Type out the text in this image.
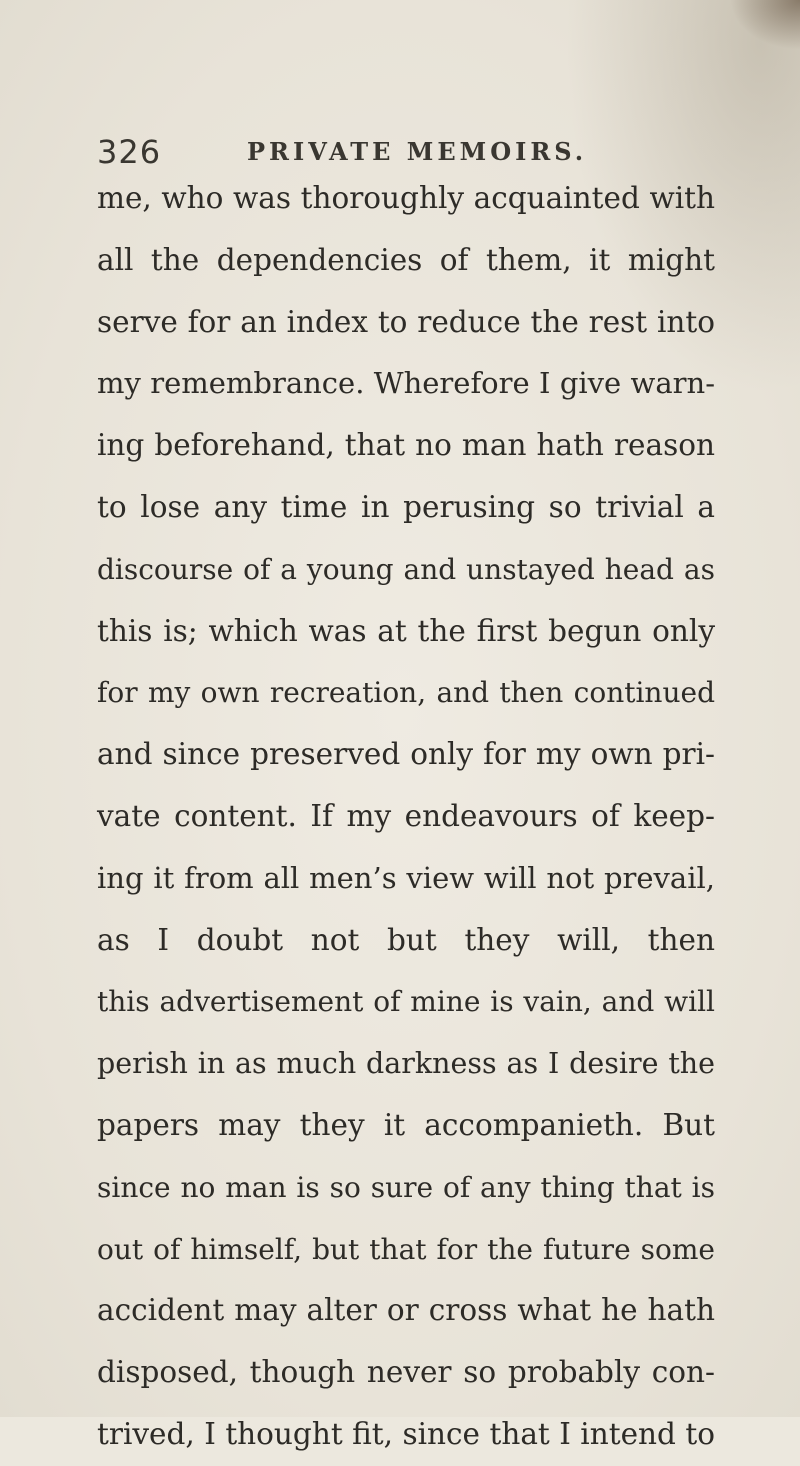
326	PRIVATE MEMOIRS.
me, who was thoroughly acquainted with
all the dependencies of them, it might
serve for an index to reduce the rest into
my remembrance. Wherefore I give warn-
ing beforehand, that no man hath reason
to lose any time in perusing so trivial a
discourse of a young and unstayed head as
this is; which was at the first begun only
for my own recreation, and then continued
and since preserved only for my own pri-
vate content. If my endeavours of keep-
ing it from all men’s view will not prevail,
as I doubt not but they will, then
this advertisement of mine is vain, and will
perish in as much darkness as I desire the
papers may they it accompanieth. But
since no man is so sure of any thing that is
out of himself, but that for the future some
accident may alter or cross what he hath
disposed, though never so probably con-
trived, I thought fit, since that I intend to
